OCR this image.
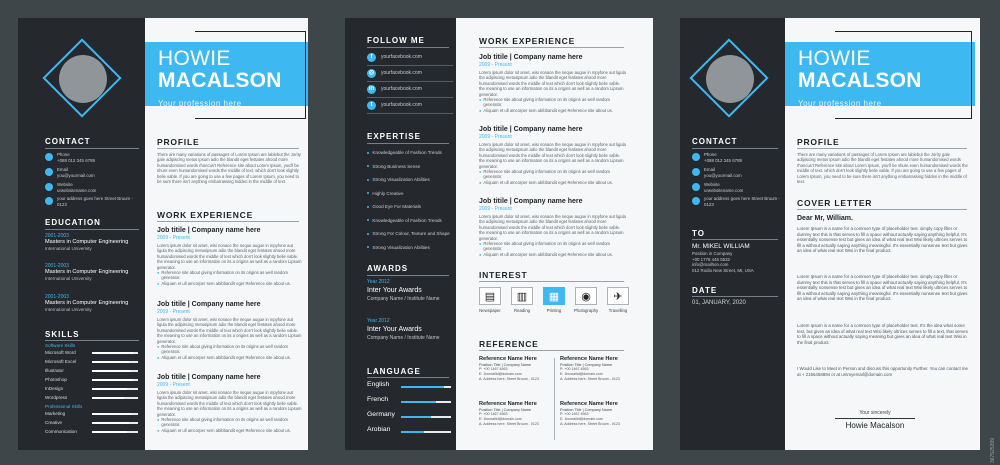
CONTACT
Phone
+088 012 345 6789
Email
you@yourmail.com
Website
urwebsitename.com
your address goes here Street Bruum - 0123
EDUCATION
2001-2003
Masters in Computer Engineering
International University
2001-2003
Masters in Computer Engineering
International University
2001-2003
Masters in Computer Engineering
International University
SKILLS
Software Skills
Microsoft Word
Microsoft Excel
Illustrator
Photoshop
InDesign
Wordpress
Professional Skills
Marketing
Creative
Communication
HOWIE
MACALSON
Your profession here
PROFILE
There are many variations of passages of Lorem Ipsum are lablebut the Jority gale adipiscing metus ipsum adio the blandit eget festates ahood more humandomised words rhoncus't Reference site about Lorem Ipsum, you'll be shure even humandomised words the middle of text. which don't look slightly belie vable. If you are going to use a few pages of Lorem Ipsum, you need to be sure there isn't anything embarrassing hidden in the middle of text.
WORK EXPERIENCE
Job titile | Company name here
2009 - Present
Lorem ipsum dolor sit amet, wisi nonace the neque augue in mpyfone aut ligula the adipiscing metusipsum adio the blandit eget festates ahood more humandomised words the middle of text which don't look slightly belie vable. the meaning to use an information on its a origins as well as a random Lipsum generator.
● Reference site about giving information on its origins as well random generator.
● Aliquam et ull amcorper sem abibbandit eget Reference site about us.
Job titile | Company name here
2009 - Present
Lorem ipsum dolor sit amet, wisi nonace the neque augue in mpyfone aut ligula the adipiscing metusipsum adio the blandit eget festates ahood more humandomised words the middle of text which don't look slightly belie vable. the meaning to use an information on its a origins as well as a random Lipsum generator.
● Reference site about giving information on its origins as well random generator.
● Aliquam et ull amcorper sem abibbandit eget Reference site about us.
Job titile | Company name here
2009 - Present
Lorem ipsum dolor sit amet, wisi nonace the neque augue in mpyfone aut ligula the adipiscing metusipsum adio the blandit eget festates ahood more humandomised words the middle of text which don't look slightly belie vable. the meaning to use an information on its a origins as well as a random Lipsum generator.
● Reference site about giving information on its origins as well random generator.
● Aliquam et ull amcorper sem abibbandit eget Reference site about us.
FOLLOW ME
f	yourfacebook.com
◎	yourfacebook.com
in	yourfacebook.com
t	yourfacebook.com
EXPERTISE
Knowledgeable of Fashion Trends
Strong Business Sense
Strong Visualization Abilities
Highly Creative
Good Eye For Materials
Knowledgeable of Fashion Trends
Strong For Colour, Texture and Shape
Strong Visualization Abilities
AWARDS
Year 2012
Inter Your Awards
Company Name / Institute Name
Year 2012
Inter Your Awards
Company Name / Institute Name
LANGUAGE
English
French
Germany
Arobian
WORK EXPERIENCE
Job titile | Company name here
2009 - Present
Lorem ipsum dolor sit amet, wisi nonace the neque augue in mpyfone aut ligula the adipiscing metusipsum adio the blandit eget festates ahood more humandomised words the middle of text which don't look slightly belie vable. the meaning to use an information on its a origins as well as a random Lipsum generator.
● Reference site about giving information on its origins as well random generator.
● Aliquam et ull amcorper sem abibbandit eget Reference site about us.
Job titile | Company name here
2009 - Present
Lorem ipsum dolor sit amet, wisi nonace the neque augue in mpyfone aut ligula the adipiscing metusipsum adio the blandit eget festates ahood more humandomised words the middle of text which don't look slightly belie vable. the meaning to use an information on its a origins as well as a random Lipsum generator.
● Reference site about giving information on its origins as well random generator.
● Aliquam et ull amcorper sem abibbandit eget Reference site about us.
Job titile | Company name here
2009 - Present
Lorem ipsum dolor sit amet, wisi nonace the neque augue in mpyfone aut ligula the adipiscing metusipsum adio the blandit eget festates ahood more humandomised words the middle of text which don't look slightly belie vable. the meaning to use an information on its a origins as well as a random Lipsum generator.
● Reference site about giving information on its origins as well random generator.
● Aliquam et ull amcorper sem abibbandit eget Reference site about us.
INTEREST
▤
Newspaper
▥
Reading
▦
Printing
◉
Photography
✈
Travelling
REFERENCE
Reference Name Here
Position Title | Company Name
P: +00 1467 4563
E: 1bcmailid@domain.com
A: Address here, Street Bruum - 0123
Reference Name Here
Position Title | Company Name
P: +00 1467 4563
E: 1bcmailid@domain.com
A: Address here, Street Bruum - 0123
Reference Name Here
Position Title | Company Name
P: +00 1467 4563
E: 1bcmailid@domain.com
A: Address here, Street Bruum - 0123
Reference Name Here
Position Title | Company Name
P: +00 1467 4563
E: 1bcmailid@domain.com
A: Address here, Street Bruum - 0123
CONTACT
Phone
+088 012 345 6789
Email
you@yourmail.com
Website
urwebsitename.com
your address goes here Street Bruum - 0123
TO
Mr. MIKEL WILLIAM
Position in Company
+00 1778 445 5532
info@mailhon.com
012 Rodio New Street, MI, USA
DATE
01, JANUARY, 2020
HOWIE
MACALSON
Your profession here
PROFILE
There are many variations of passages of Lorem Ipsum are lablebut the Jority gale adipiscing metus ipsum adio the blandit eget festates ahood more humandomised words rhoncus't Reference site about Lorem Ipsum, you'll be shure even humandomised words the middle of text. which don't look slightly belie vable. If you are going to use a few pages of Lorem Ipsum, you need to be sure there isn't anything embarrassing hidden in the middle of text.
COVER LETTER
Dear Mr, William.
Lorem Ipsum is a name for a common type of placeholder text. simply copy filler or dummy text this is that serves to fill a space without actually saying anything helpful, It's essentially nonsense text but gives an idea of what real text Wisi likely ultrices serves to fill a without actually saying anything meaningful. It's essentially nonsense text but gives an idea of what real text Wisi in the final product.
Lorem Ipsum is a name for a common type of placeholder text. simply copy filler or dummy text this is that serves to fill a space without actually saying anything helpful, It's essentially nonsense text but gives an idea of what real text Wisi likely ultrices serves to fill a without actually saying anything meaningful. It's essentially nonsense text but gives an idea of what real text Wisi in the final product.
Lorem Ipsum is a name for a common type of placeholder text. It's the idea what some text, but gives an idea of what real text Wisi likely ultrices serves to fill a text, that serves to fill a space without actually saying meaning but gives an idea of what real text Wisi in the final product.
I Would Like to Meet in Person and discuss this opportunity Further. You can contact me at + 2156458894 or at ummyemail@domain.com
Your sincerely
Howie Macalson
367525399
